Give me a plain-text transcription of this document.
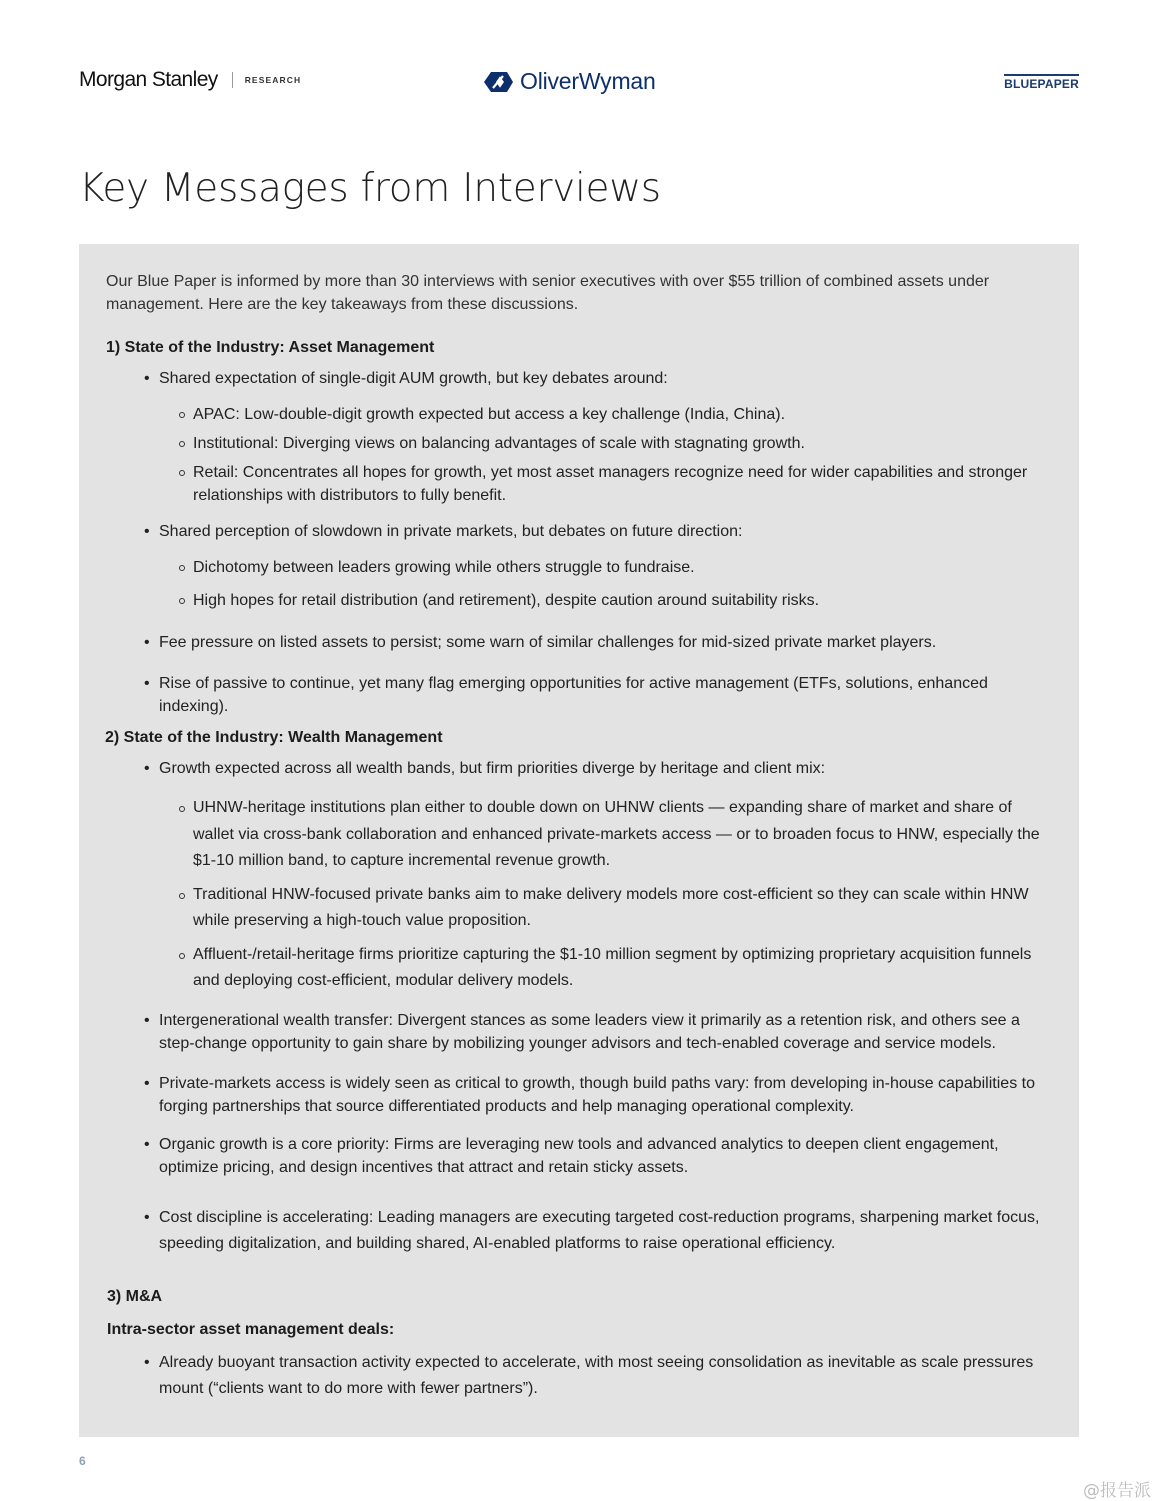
Morgan Stanley	RESEARCH	OliverWyman	BLUEPAPER
Key Messages from Interviews

Our Blue Paper is informed by more than 30 interviews with senior executives with over $55 trillion of combined assets under management. Here are the key takeaways from these discussions.

1) State of the Industry: Asset Management

• Shared expectation of single-digit AUM growth, but key debates around:
APAC: Low-double-digit growth expected but access a key challenge (India, China).
Institutional: Diverging views on balancing advantages of scale with stagnating growth.
Retail: Concentrates all hopes for growth, yet most asset managers recognize need for wider capabilities and stronger relationships with distributors to fully benefit.
• Shared perception of slowdown in private markets, but debates on future direction:
Dichotomy between leaders growing while others struggle to fundraise.
High hopes for retail distribution (and retirement), despite caution around suitability risks.
• Fee pressure on listed assets to persist; some warn of similar challenges for mid-sized private market players.
• Rise of passive to continue, yet many flag emerging opportunities for active management (ETFs, solutions, enhanced indexing).

2) State of the Industry: Wealth Management

• Growth expected across all wealth bands, but firm priorities diverge by heritage and client mix:
UHNW-heritage institutions plan either to double down on UHNW clients — expanding share of market and share of wallet via cross-bank collaboration and enhanced private-markets access — or to broaden focus to HNW, especially the $1-10 million band, to capture incremental revenue growth.
Traditional HNW-focused private banks aim to make delivery models more cost-efficient so they can scale within HNW while preserving a high-touch value proposition.
Affluent-/retail-heritage firms prioritize capturing the $1-10 million segment by optimizing proprietary acquisition funnels and deploying cost-efficient, modular delivery models.
• Intergenerational wealth transfer: Divergent stances as some leaders view it primarily as a retention risk, and others see a step-change opportunity to gain share by mobilizing younger advisors and tech-enabled coverage and service models.
• Private-markets access is widely seen as critical to growth, though build paths vary: from developing in-house capabilities to forging partnerships that source differentiated products and help managing operational complexity.
• Organic growth is a core priority: Firms are leveraging new tools and advanced analytics to deepen client engagement, optimize pricing, and design incentives that attract and retain sticky assets.
• Cost discipline is accelerating: Leading managers are executing targeted cost-reduction programs, sharpening market focus, speeding digitalization, and building shared, AI-enabled platforms to raise operational efficiency.

3) M&A

Intra-sector asset management deals:

• Already buoyant transaction activity expected to accelerate, with most seeing consolidation as inevitable as scale pressures mount (“clients want to do more with fewer partners”).
6
@报告派
